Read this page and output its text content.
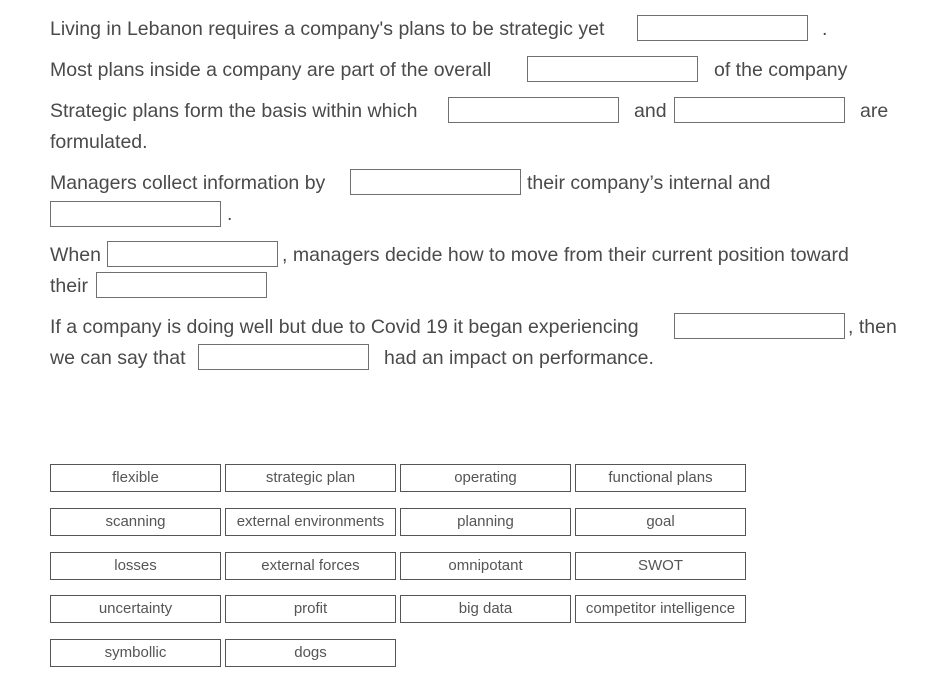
Living in Lebanon requires a company's plans to be strategic yet	.
Most plans inside a company are part of the overall	of the company
Strategic plans form the basis within which	and	are
formulated.
Managers collect information by	their company’s internal and
.
When	, managers decide how to move from their current position toward
their
If a company is doing well but due to Covid 19 it began experiencing	, then
we can say that	had an impact on performance.
flexible	strategic plan	operating	functional plans
scanning	external environments	planning	goal
losses	external forces	omnipotant	SWOT
uncertainty	profit	big data	competitor intelligence
symbollic	dogs
